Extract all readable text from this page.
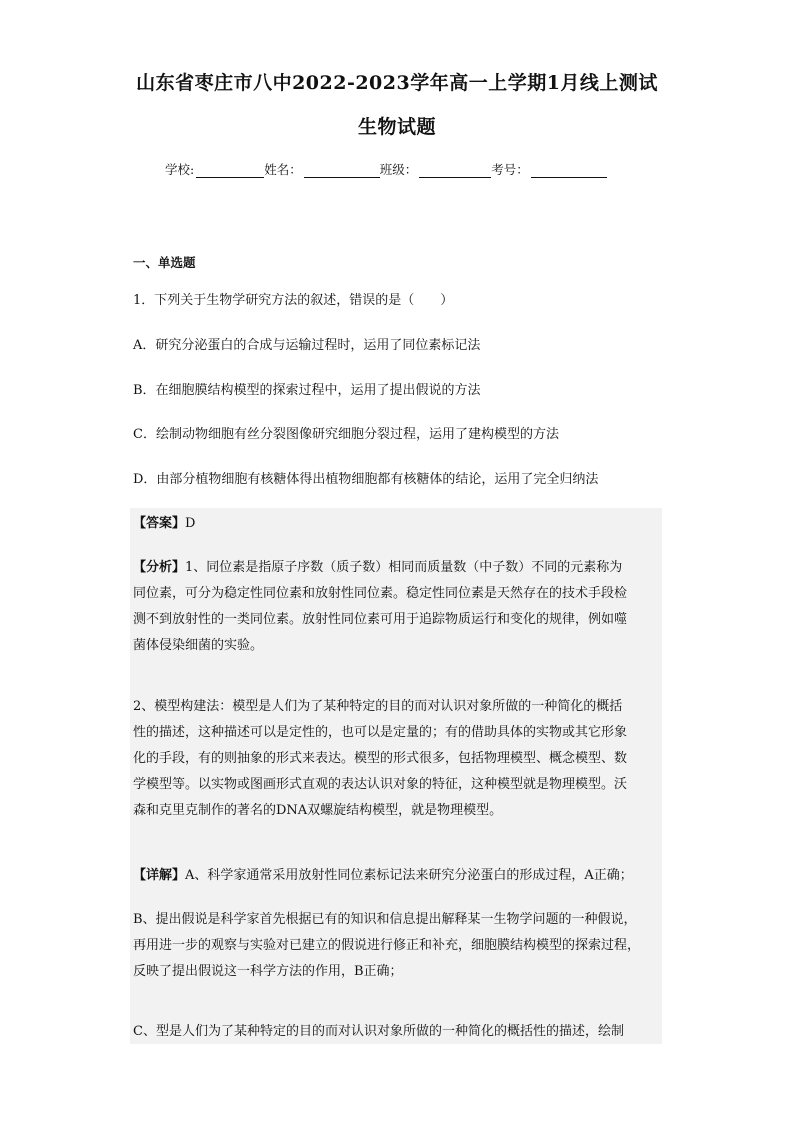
山东省枣庄市八中2022-2023学年高一上学期1月线上测试
生物试题
学校:	姓名：	班级：	考号：
一、单选题
1．下列关于生物学研究方法的叙述，错误的是（　　）
A．研究分泌蛋白的合成与运输过程时，运用了同位素标记法
B．在细胞膜结构模型的探索过程中，运用了提出假说的方法
C．绘制动物细胞有丝分裂图像研究细胞分裂过程，运用了建构模型的方法
D．由部分植物细胞有核糖体得出植物细胞都有核糖体的结论，运用了完全归纳法
【答案】D
【分析】1、同位素是指原子序数（质子数）相同而质量数（中子数）不同的元素称为
同位素，可分为稳定性同位素和放射性同位素。稳定性同位素是天然存在的技术手段检
测不到放射性的一类同位素。放射性同位素可用于追踪物质运行和变化的规律，例如噬
菌体侵染细菌的实验。
2、模型构建法：模型是人们为了某种特定的目的而对认识对象所做的一种简化的概括
性的描述，这种描述可以是定性的，也可以是定量的；有的借助具体的实物或其它形象
化的手段，有的则抽象的形式来表达。模型的形式很多，包括物理模型、概念模型、数
学模型等。以实物或图画形式直观的表达认识对象的特征，这种模型就是物理模型。沃
森和克里克制作的著名的DNA双螺旋结构模型，就是物理模型。
【详解】A、科学家通常采用放射性同位素标记法来研究分泌蛋白的形成过程，A正确；
B、提出假说是科学家首先根据已有的知识和信息提出解释某一生物学问题的一种假说，
再用进一步的观察与实验对已建立的假说进行修正和补充，细胞膜结构模型的探索过程，
反映了提出假说这一科学方法的作用，B正确；
C、型是人们为了某种特定的目的而对认识对象所做的一种简化的概括性的描述，绘制
